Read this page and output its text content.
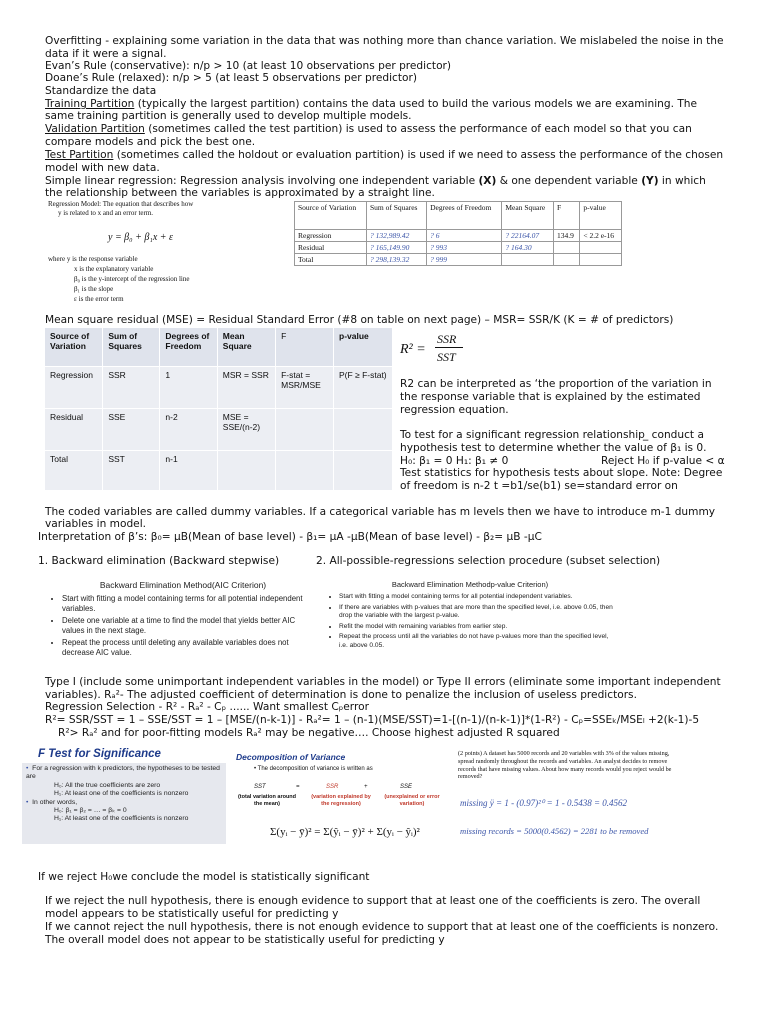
Overfitting - explaining some variation in the data that was nothing more than chance variation. We mislabeled the noise in the
data if it were a signal.
Evan’s Rule (conservative): n/p > 10 (at least 10 observations per predictor)
Doane’s Rule (relaxed): n/p > 5 (at least 5 observations per predictor)
Standardize the data
Training Partition (typically the largest partition) contains the data used to build the various models we are examining. The
same training partition is generally used to develop multiple models.
Validation Partition (sometimes called the test partition) is used to assess the performance of each model so that you can
compare models and pick the best one.
Test Partition (sometimes called the holdout or evaluation partition) is used if we need to assess the performance of the chosen
model with new data.
Simple linear regression: Regression analysis involving one independent variable (X) & one dependent variable (Y) in which
the relationship between the variables is approximated by a straight line.
Regression Model: The equation that describes how
y is related to x and an error term.
y = β₀ + β₁x + ε
where y is the response variable
x is the explanatory variable
β₀ is the y-intercept of the regression line
β₁ is the slope
ε is the error term
Source of Variation	Sum of Squares	Degrees of Freedom	Mean Square	F	p-value
Regression	? 132,989.42	? 6	? 22164.07	134.9	< 2.2 e-16
Residual	? 165,149.90	? 993	? 164.30		
Total	? 298,139.32	? 999			
Mean square residual (MSE) = Residual Standard Error (#8 on table on next page) – MSR= SSR/K (K = # of predictors)
Source of Variation	Sum of Squares	Degrees of Freedom	Mean Square	F	p-value
Regression	SSR	1	MSR = SSR	F-stat = MSR/MSE	P(F ≥ F-stat)
Residual	SSE	n-2	MSE = SSE/(n-2)		
Total	SST	n-1			
R² =
SSR
SST
R2 can be interpreted as ‘the proportion of the variation in
the response variable that is explained by the estimated
regression equation.
To test for a significant regression relationship ̲ conduct a
hypothesis test to determine whether the value of β₁ is 0.
H₀: β₁ = 0 H₁: β₁ ≠ 0	Reject H₀ if p-value < α
Test statistics for hypothesis tests about slope. Note: Degree
of freedom is n-2 t =b1/se(b1) se=standard error on
The coded variables are called dummy variables. If a categorical variable has m levels then we have to introduce m-1 dummy
variables in model.
Interpretation of β’s: β₀= μB(Mean of base level) - β₁= μA -μB(Mean of base level) - β₂= μB -μC
1. Backward elimination (Backward stepwise)	2. All-possible-regressions selection procedure (subset selection)
Backward Elimination Method(AIC Criterion)
• Start with fitting a model containing terms for all potential independent variables.
• Delete one variable at a time to find the model that yields better AIC values in the next stage.
• Repeat the process until deleting any available variables does not decrease AIC value.
Backward Elimination Methodp-value Criterion)
• Start with fitting a model containing terms for all potential independent variables.
• If there are variables with p-values that are more than the specified level, i.e. above 0.05, then drop the variable with the largest p-value.
• Refit the model with remaining variables from earlier step.
• Repeat the process until all the variables do not have p-values more than the specified level, i.e. above 0.05.
Type I (include some unimportant independent variables in the model) or Type II errors (eliminate some important independent
variables). Rₐ²- The adjusted coefficient of determination is done to penalize the inclusion of useless predictors.
Regression Selection - R² - Rₐ² - Cₚ ...... Want smallest Cₚerror
R²= SSR/SST = 1 – SSE/SST = 1 – [MSE/(n-k-1)] - Rₐ²= 1 – (n-1)(MSE/SST)=1-[(n-1)/(n-k-1)]*(1-R²) - Cₚ=SSEₖ/MSEₗ +2(k-1)-5
R²> Rₐ² and for poor-fitting models Rₐ² may be negative…. Choose highest adjusted R squared
F Test for Significance
• For a regression with k predictors, the hypotheses to be tested are
H₀: All the true coefficients are zero
H₁: At least one of the coefficients is nonzero
• In other words,
H₀: β₁ = β₂ = … = βₖ = 0
H₁: At least one of the coefficients is nonzero
Decomposition of Variance
• The decomposition of variance is written as
SST	=	SSR	+	SSE
(total variation around the mean)
(variation explained by the regression)
(unexplained or error variation)
Σ(yᵢ − ȳ)² = Σ(ŷᵢ − ȳ)² + Σ(yᵢ − ŷᵢ)²
(2 points) A dataset has 5000 records and 20 variables with 3% of the values missing,
spread randomly throughout the records and variables. An analyst decides to remove
records that have missing values. About how many records would you reject would be
removed?
missing ÿ = 1 - (0.97)²⁰ = 1 - 0.5438 = 0.4562
missing records = 5000(0.4562) = 2281 to be removed
If we reject H₀we conclude the model is statistically significant
If we reject the null hypothesis, there is enough evidence to support that at least one of the coefficients is zero. The overall
model appears to be statistically useful for predicting y
If we cannot reject the null hypothesis, there is not enough evidence to support that at least one of the coefficients is nonzero.
The overall model does not appear to be statistically useful for predicting y
